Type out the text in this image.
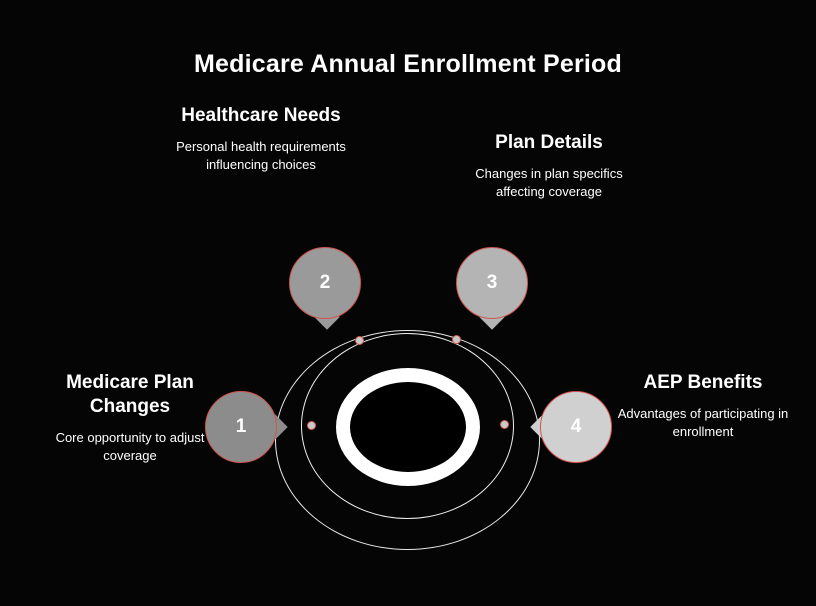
Medicare Annual Enrollment Period
1
2	3
4
Medicare Plan Changes
Core opportunity to adjust coverage
Healthcare Needs
Personal health requirements influencing choices
Plan Details
Changes in plan specifics affecting coverage
AEP Benefits
Advantages of participating in enrollment
